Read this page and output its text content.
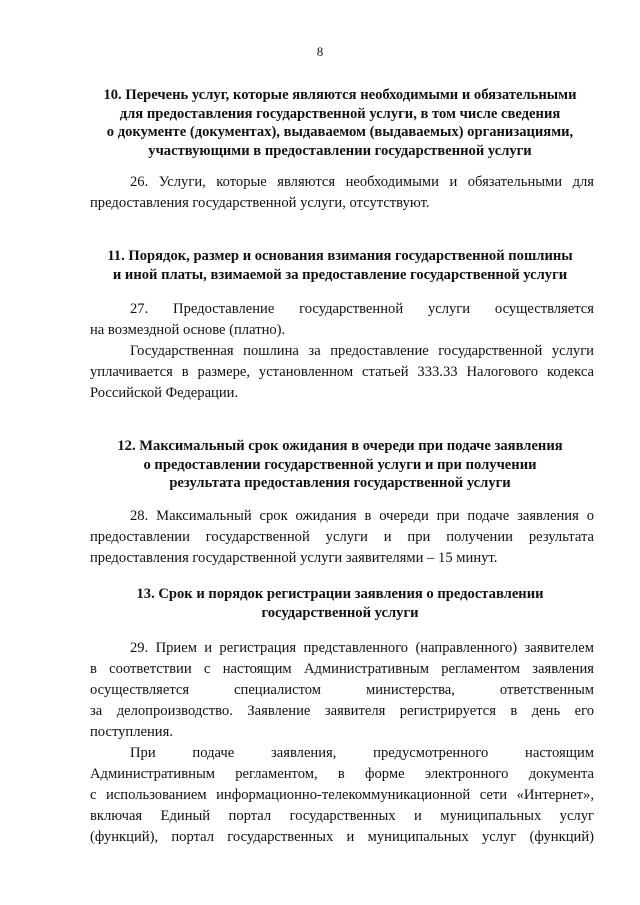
8
10. Перечень услуг, которые являются необходимыми и обязательными
для предоставления государственной услуги, в том числе сведения
о документе (документах), выдаваемом (выдаваемых) организациями,
участвующими в предоставлении государственной услуги
26. Услуги, которые являются необходимыми и обязательными для
предоставления государственной услуги, отсутствуют.
11. Порядок, размер и основания взимания государственной пошлины
и иной платы, взимаемой за предоставление государственной услуги
27. Предоставление государственной услуги осуществляется
на возмездной основе (платно).
Государственная пошлина за предоставление государственной услуги
уплачивается в размере, установленном статьей 333.33 Налогового кодекса
Российской Федерации.
12. Максимальный срок ожидания в очереди при подаче заявления
о предоставлении государственной услуги и при получении
результата предоставления государственной услуги
28. Максимальный срок ожидания в очереди при подаче заявления о
предоставлении государственной услуги и при получении результата
предоставления государственной услуги заявителями – 15 минут.
13. Срок и порядок регистрации заявления о предоставлении
государственной услуги
29. Прием и регистрация представленного (направленного) заявителем
в соответствии с настоящим Административным регламентом заявления
осуществляется специалистом министерства, ответственным
за делопроизводство. Заявление заявителя регистрируется в день его
поступления.
При подаче заявления, предусмотренного настоящим
Административным регламентом, в форме электронного документа
с использованием информационно-телекоммуникационной сети «Интернет»,
включая Единый портал государственных и муниципальных услуг
(функций), портал государственных и муниципальных услуг (функций)
